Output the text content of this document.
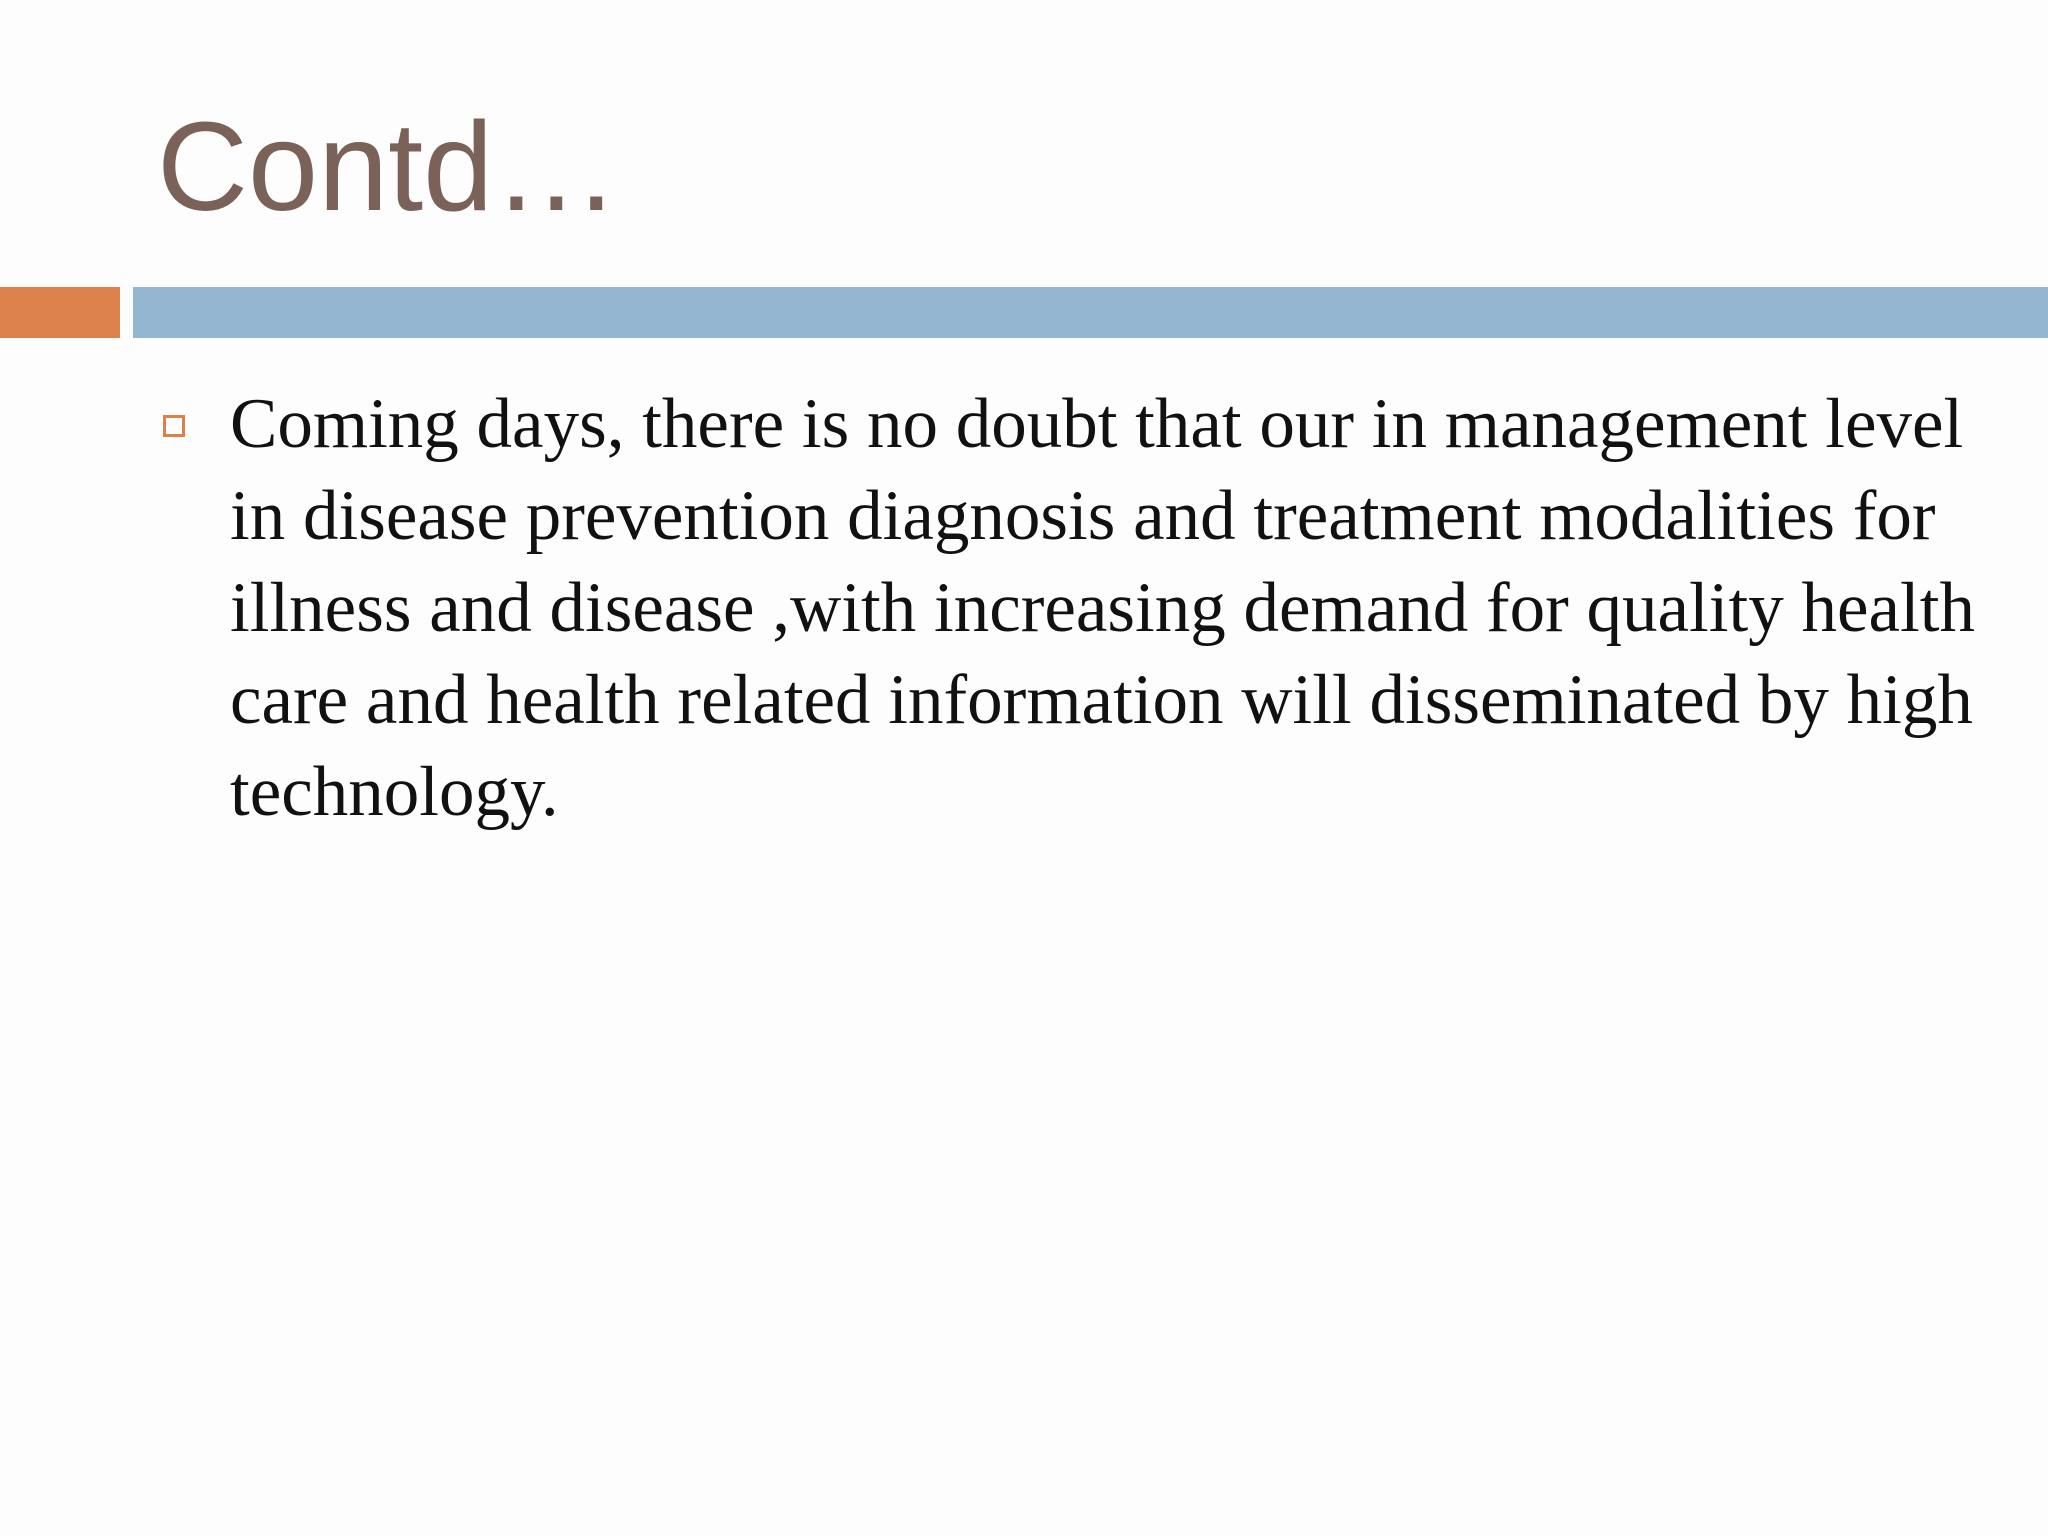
Contd…

Coming days, there is no doubt that our in management level in disease prevention diagnosis and treatment modalities for illness and disease ,with increasing demand for quality health care and health related information will disseminated by high technology.
